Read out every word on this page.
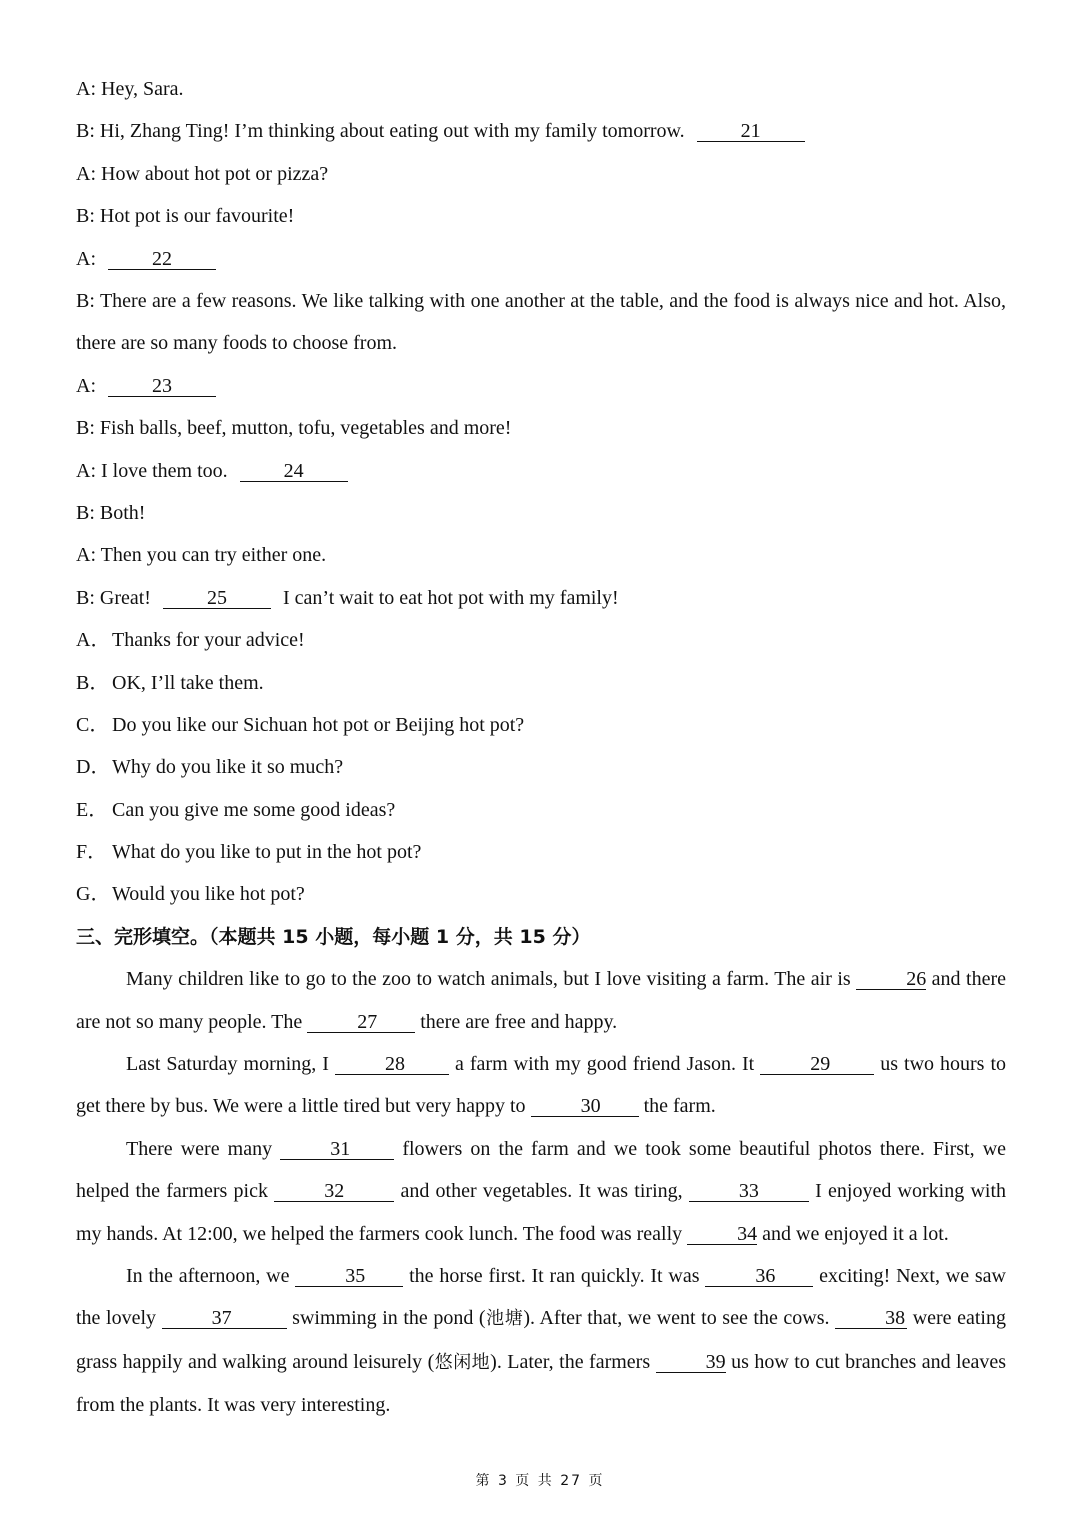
A: Hey, Sara.
B: Hi, Zhang Ting! I’m thinking about eating out with my family tomorrow.	21
A: How about hot pot or pizza?
B: Hot pot is our favourite!
A:	22
B: There are a few reasons. We like talking with one another at the table, and the food is always nice and hot. Also, there are so many foods to choose from.
A:	23
B: Fish balls, beef, mutton, tofu, vegetables and more!
A: I love them too.	24
B: Both!
A: Then you can try either one.
B: Great!	25	I can’t wait to eat hot pot with my family!
A．Thanks for your advice!
B． OK, I’ll take them.
C． Do you like our Sichuan hot pot or Beijing hot pot?
D．Why do you like it so much?
E． Can you give me some good ideas?
F． What do you like to put in the hot pot?
G．Would you like hot pot?
三、完形填空。（本题共 15 小题，每小题 1 分，共 15 分）
Many children like to go to the zoo to watch animals, but I love visiting a farm. The air is	26 and there are not so many people. The	27 there are free and happy.
Last Saturday morning, I	28	a farm with my good friend Jason. It	29	us two hours to get there by bus. We were a little tired but very happy to	30 the farm.
There were many	31	flowers on the farm and we took some beautiful photos there. First, we helped the farmers pick	32	and other vegetables. It was tiring,	33	I enjoyed working with my hands. At 12:00, we helped the farmers cook lunch. The food was really	34 and we enjoyed it a lot.
In the afternoon, we	35 the horse first. It ran quickly. It was	36 exciting! Next, we saw the lovely	37	swimming in the pond (池塘). After that, we went to see the cows.	38 were eating grass happily and walking around leisurely (悠闲地). Later, the farmers	39 us how to cut branches and leaves from the plants. It was very interesting.
第 3 页 共 27 页
